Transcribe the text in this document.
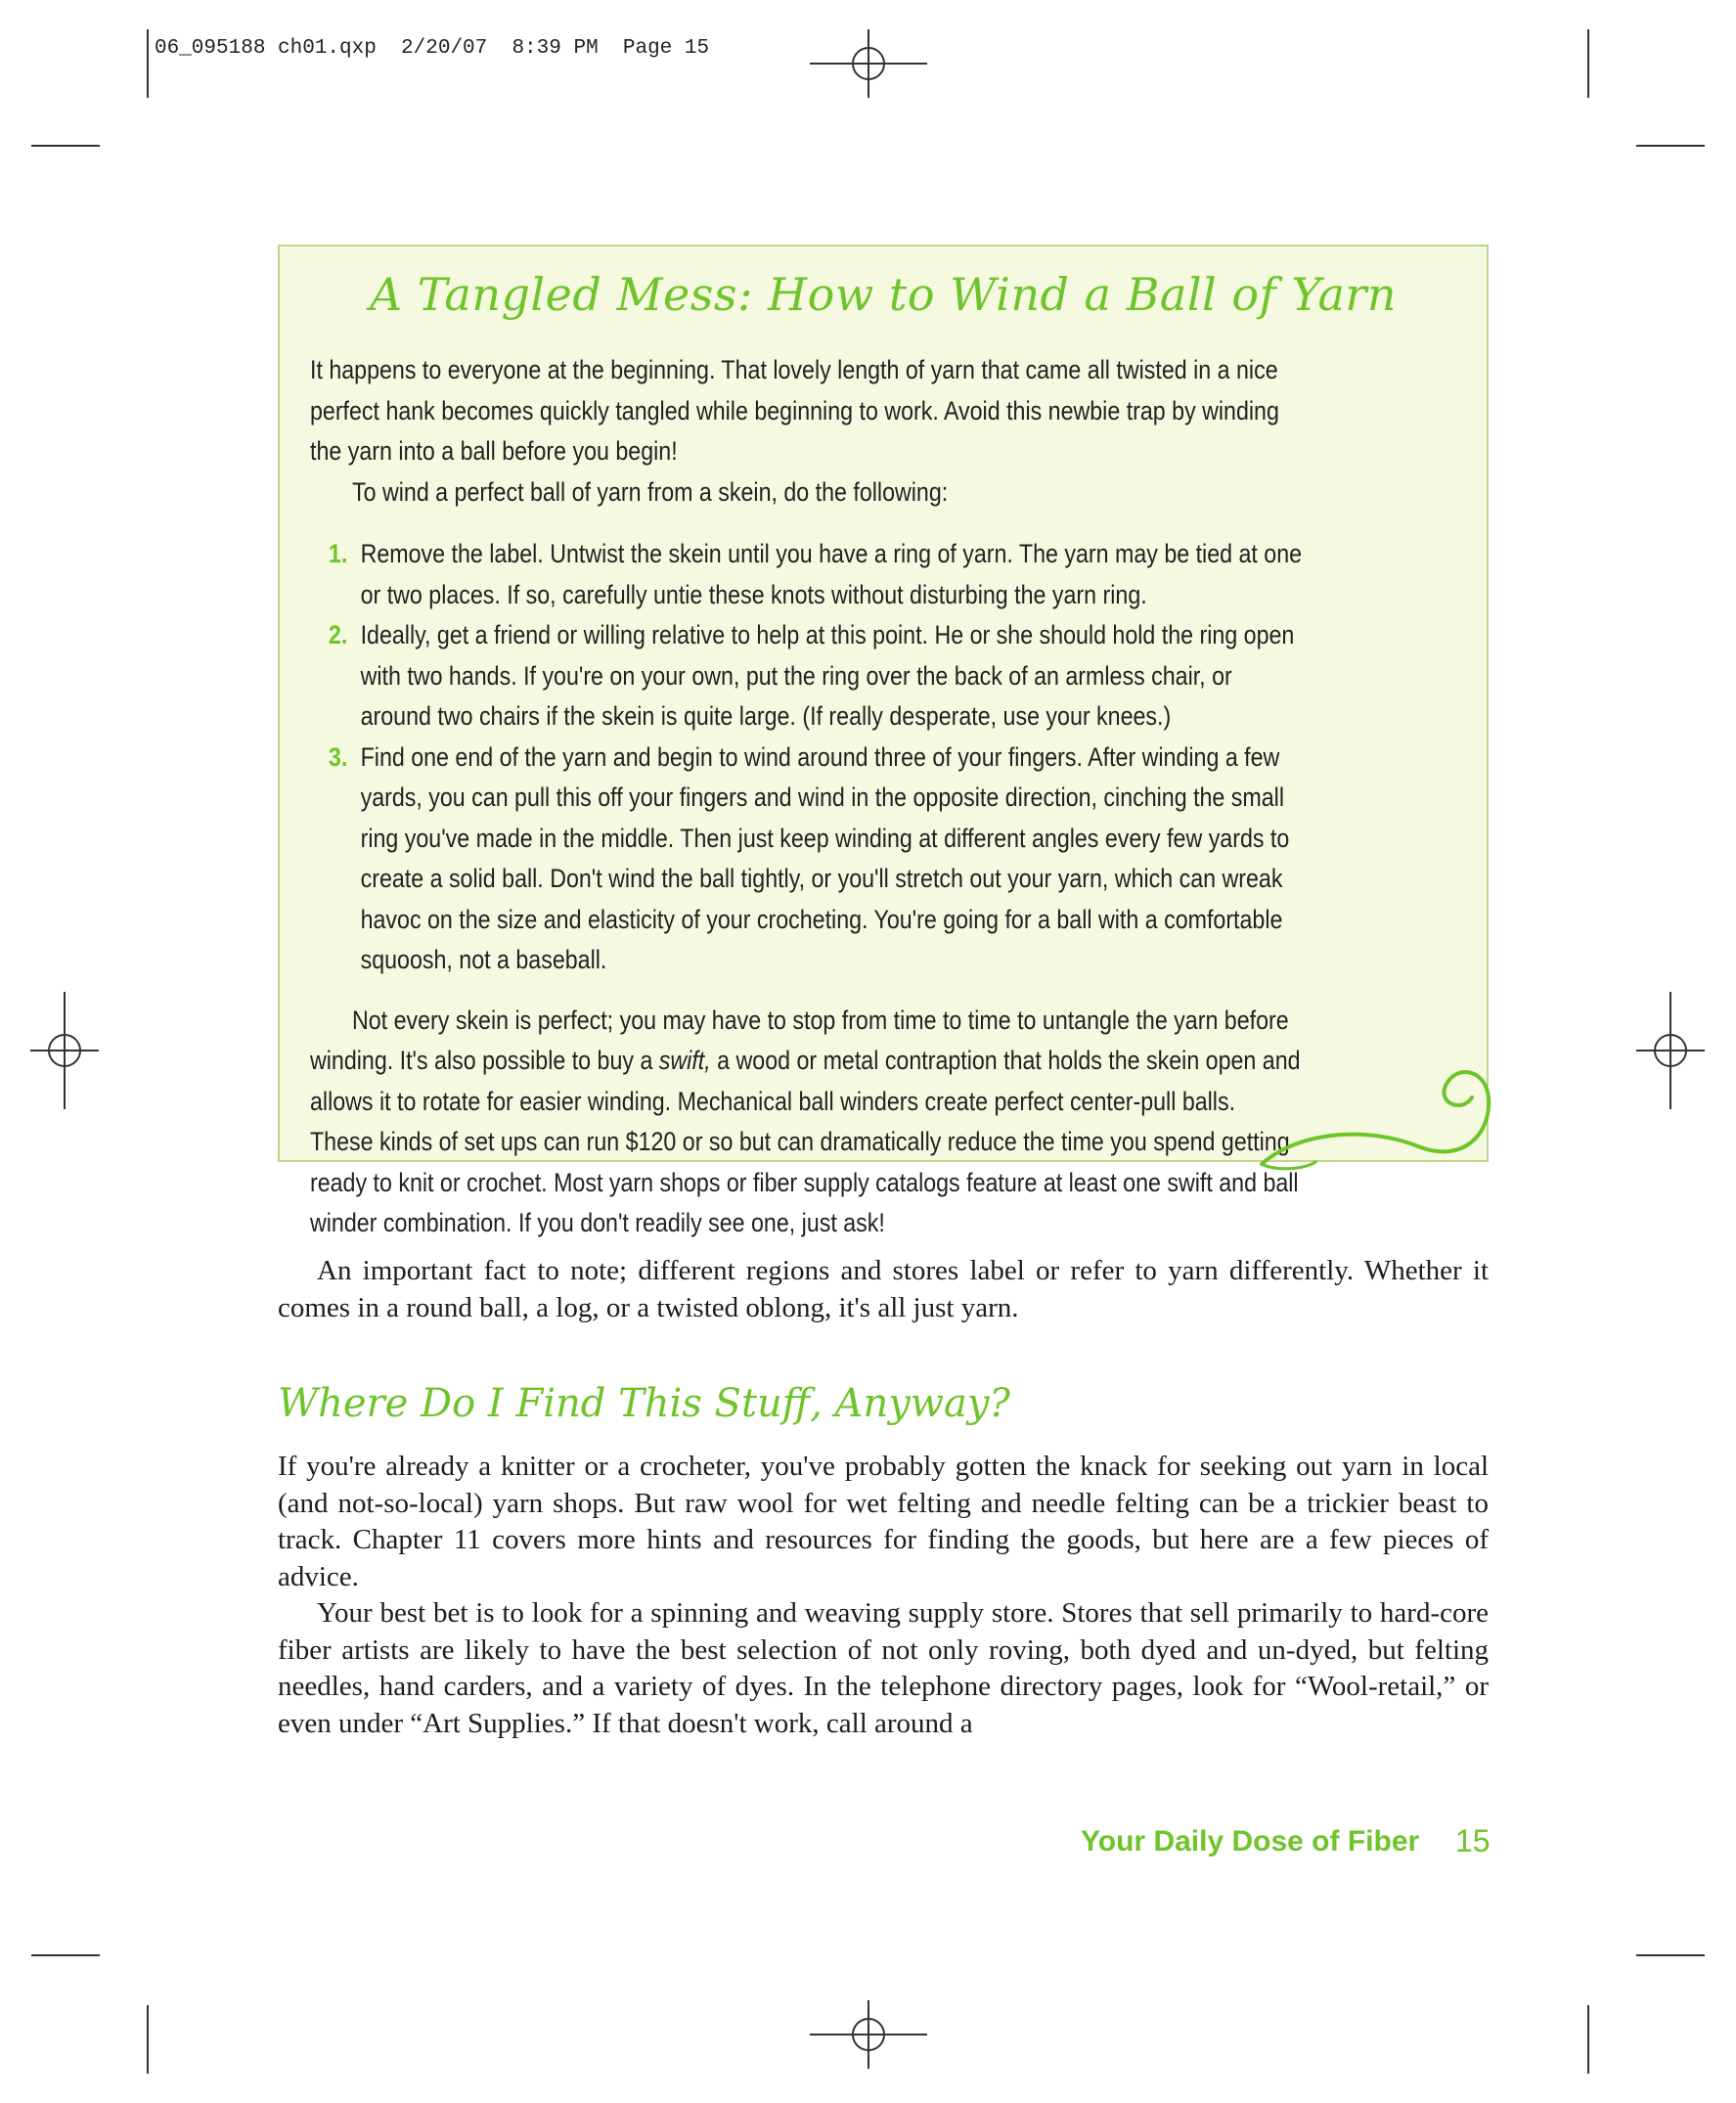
06_095188 ch01.qxp  2/20/07  8:39 PM  Page 15
A Tangled Mess: How to Wind a Ball of Yarn

It happens to everyone at the beginning. That lovely length of yarn that came all twisted in a nice perfect hank becomes quickly tangled while beginning to work. Avoid this newbie trap by winding the yarn into a ball before you begin!

To wind a perfect ball of yarn from a skein, do the following:

1. Remove the label. Untwist the skein until you have a ring of yarn. The yarn may be tied at one or two places. If so, carefully untie these knots without disturbing the yarn ring.
2. Ideally, get a friend or willing relative to help at this point. He or she should hold the ring open with two hands. If you're on your own, put the ring over the back of an armless chair, or around two chairs if the skein is quite large. (If really desperate, use your knees.)
3. Find one end of the yarn and begin to wind around three of your fingers. After winding a few yards, you can pull this off your fingers and wind in the opposite direction, cinching the small ring you've made in the middle. Then just keep winding at different angles every few yards to create a solid ball. Don't wind the ball tightly, or you'll stretch out your yarn, which can wreak havoc on the size and elasticity of your crocheting. You're going for a ball with a comfortable squoosh, not a baseball.

Not every skein is perfect; you may have to stop from time to time to untangle the yarn before winding. It's also possible to buy a swift, a wood or metal contraption that holds the skein open and allows it to rotate for easier winding. Mechanical ball winders create perfect center-pull balls. These kinds of set ups can run $120 or so but can dramatically reduce the time you spend getting ready to knit or crochet. Most yarn shops or fiber supply catalogs feature at least one swift and ball winder combination. If you don't readily see one, just ask!

An important fact to note; different regions and stores label or refer to yarn differently. Whether it comes in a round ball, a log, or a twisted oblong, it's all just yarn.

Where Do I Find This Stuff, Anyway?

If you're already a knitter or a crocheter, you've probably gotten the knack for seeking out yarn in local (and not-so-local) yarn shops. But raw wool for wet felting and needle felting can be a trickier beast to track. Chapter 11 covers more hints and resources for finding the goods, but here are a few pieces of advice.

Your best bet is to look for a spinning and weaving supply store. Stores that sell primarily to hard-core fiber artists are likely to have the best selection of not only roving, both dyed and un-dyed, but felting needles, hand carders, and a variety of dyes. In the telephone directory pages, look for “Wool-retail,” or even under “Art Supplies.” If that doesn't work, call around a

Your Daily Dose of Fiber 15
